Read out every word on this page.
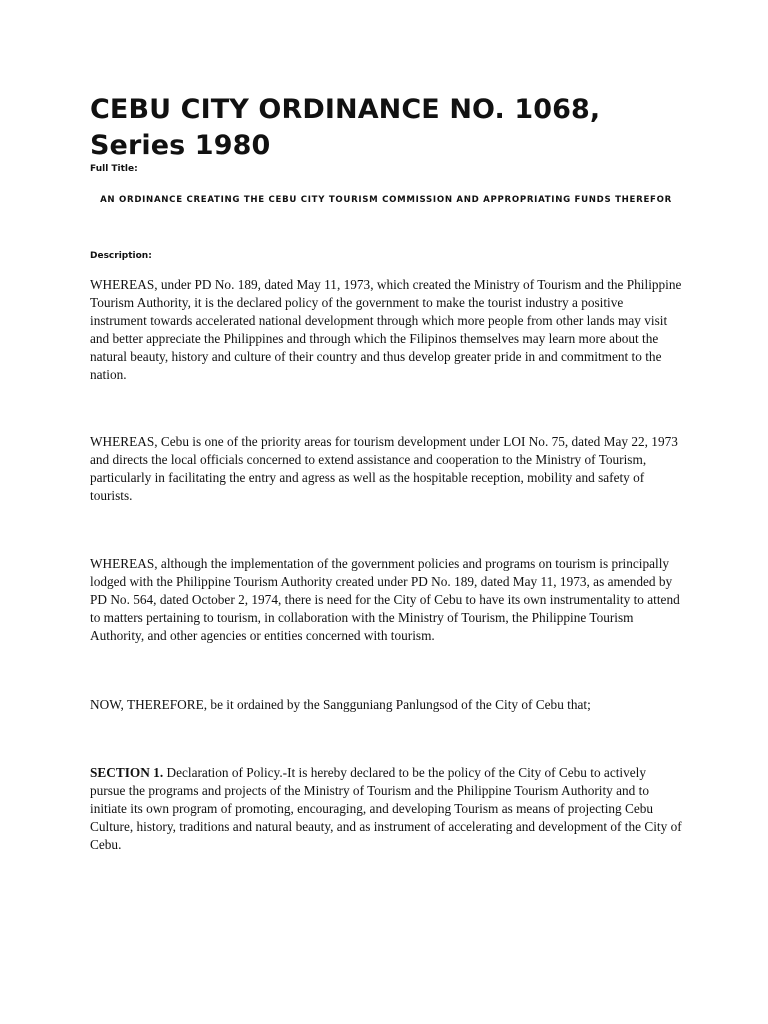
CEBU CITY ORDINANCE NO. 1068, Series 1980

Full Title:

AN ORDINANCE CREATING THE CEBU CITY TOURISM COMMISSION AND APPROPRIATING FUNDS THEREFOR

Description:

WHEREAS, under PD No. 189, dated May 11, 1973, which created the Ministry of Tourism and the Philippine Tourism Authority, it is the declared policy of the government to make the tourist industry a positive instrument towards accelerated national development through which more people from other lands may visit and better appreciate the Philippines and through which the Filipinos themselves may learn more about the natural beauty, history and culture of their country and thus develop greater pride in and commitment to the nation.

WHEREAS, Cebu is one of the priority areas for tourism development under LOI No. 75, dated May 22, 1973 and directs the local officials concerned to extend assistance and cooperation to the Ministry of Tourism, particularly in facilitating the entry and agress as well as the hospitable reception, mobility and safety of tourists.

WHEREAS, although the implementation of the government policies and programs on tourism is principally lodged with the Philippine Tourism Authority created under PD No. 189, dated May 11, 1973, as amended by PD No. 564, dated October 2, 1974, there is need for the City of Cebu to have its own instrumentality to attend to matters pertaining to tourism, in collaboration with the Ministry of Tourism, the Philippine Tourism Authority, and other agencies or entities concerned with tourism.

NOW, THEREFORE, be it ordained by the Sangguniang Panlungsod of the City of Cebu that;

SECTION 1. Declaration of Policy.-It is hereby declared to be the policy of the City of Cebu to actively pursue the programs and projects of the Ministry of Tourism and the Philippine Tourism Authority and to initiate its own program of promoting, encouraging, and developing Tourism as means of projecting Cebu Culture, history, traditions and natural beauty, and as instrument of accelerating and development of the City of Cebu.
